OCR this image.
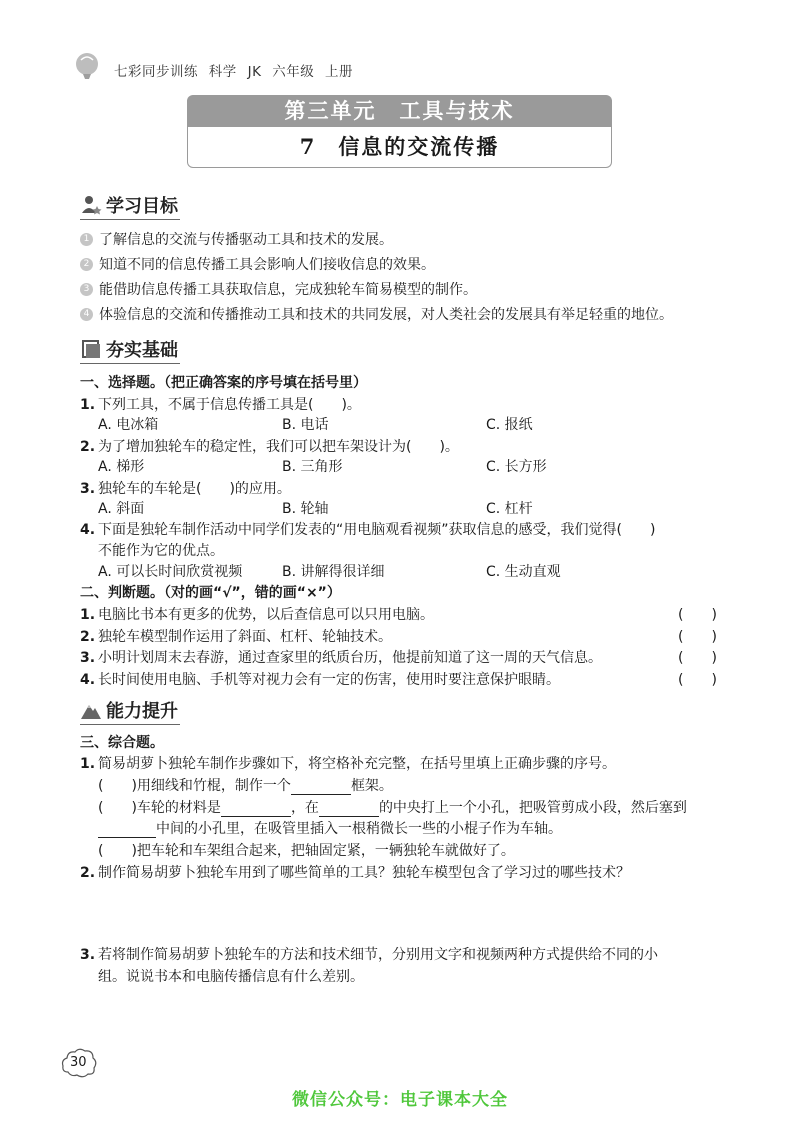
七彩同步训练 科学 JK 六年级 上册
第三单元　工具与技术
7 信息的交流传播
学习目标
1 了解信息的交流与传播驱动工具和技术的发展。
2 知道不同的信息传播工具会影响人们接收信息的效果。
3 能借助信息传播工具获取信息，完成独轮车简易模型的制作。
4 体验信息的交流和传播推动工具和技术的共同发展，对人类社会的发展具有举足轻重的地位。
夯实基础
一、选择题。（把正确答案的序号填在括号里）
1. 下列工具，不属于信息传播工具是(　　)。
A. 电冰箱	B. 电话	C. 报纸
2. 为了增加独轮车的稳定性，我们可以把车架设计为(　　)。
A. 梯形	B. 三角形	C. 长方形
3. 独轮车的车轮是(　　)的应用。
A. 斜面	B. 轮轴	C. 杠杆
4. 下面是独轮车制作活动中同学们发表的“用电脑观看视频”获取信息的感受，我们觉得(　　)
不能作为它的优点。
A. 可以长时间欣赏视频	B. 讲解得很详细	C. 生动直观
二、判断题。（对的画“√”，错的画“×”）
1. 电脑比书本有更多的优势，以后查信息可以只用电脑。	(　　)
2. 独轮车模型制作运用了斜面、杠杆、轮轴技术。	(　　)
3. 小明计划周末去春游，通过查家里的纸质台历，他提前知道了这一周的天气信息。	(　　)
4. 长时间使用电脑、手机等对视力会有一定的伤害，使用时要注意保护眼睛。	(　　)
能力提升
三、综合题。
1. 简易胡萝卜独轮车制作步骤如下，将空格补充完整，在括号里填上正确步骤的序号。
(　　)用细线和竹棍，制作一个	框架。
(　　)车轮的材料是	，在	的中央打上一个小孔，把吸管剪成小段，然后塞到
中间的小孔里，在吸管里插入一根稍微长一些的小棍子作为车轴。
(　　)把车轮和车架组合起来，把轴固定紧，一辆独轮车就做好了。
2. 制作简易胡萝卜独轮车用到了哪些简单的工具？独轮车模型包含了学习过的哪些技术？
3. 若将制作简易胡萝卜独轮车的方法和技术细节，分别用文字和视频两种方式提供给不同的小
组。说说书本和电脑传播信息有什么差别。
30
微信公众号：电子课本大全
